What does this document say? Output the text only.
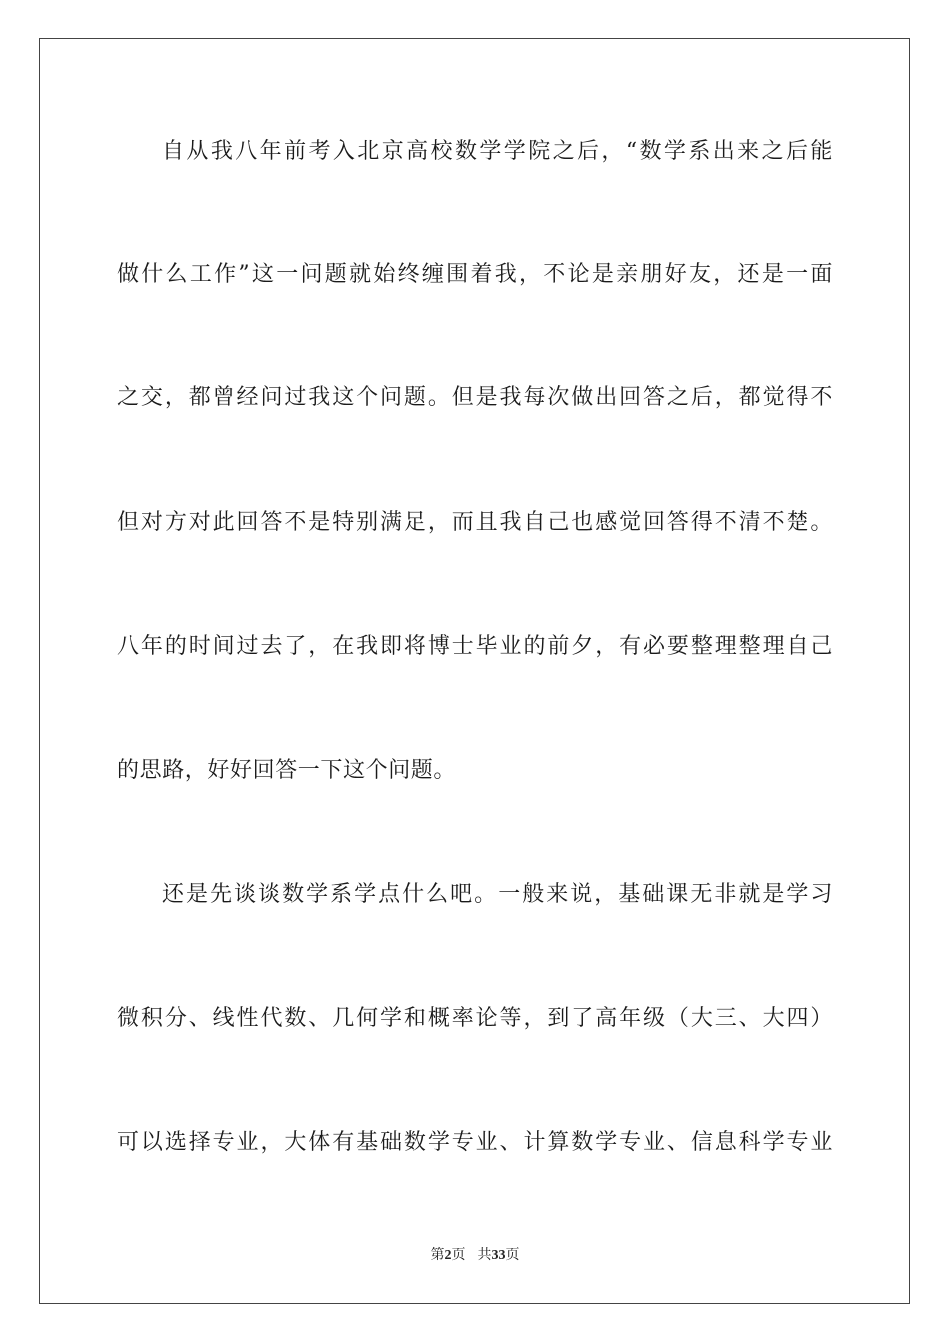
自从我八年前考入北京高校数学学院之后，“数学系出来之后能
做什么工作”这一问题就始终缠围着我，不论是亲朋好友，还是一面
之交，都曾经问过我这个问题。但是我每次做出回答之后，都觉得不
但对方对此回答不是特别满足，而且我自己也感觉回答得不清不楚。
八年的时间过去了，在我即将博士毕业的前夕，有必要整理整理自己
的思路，好好回答一下这个问题。
还是先谈谈数学系学点什么吧。一般来说，基础课无非就是学习
微积分、线性代数、几何学和概率论等，到了高年级（大三、大四）
可以选择专业，大体有基础数学专业、计算数学专业、信息科学专业
第2页 共33页
